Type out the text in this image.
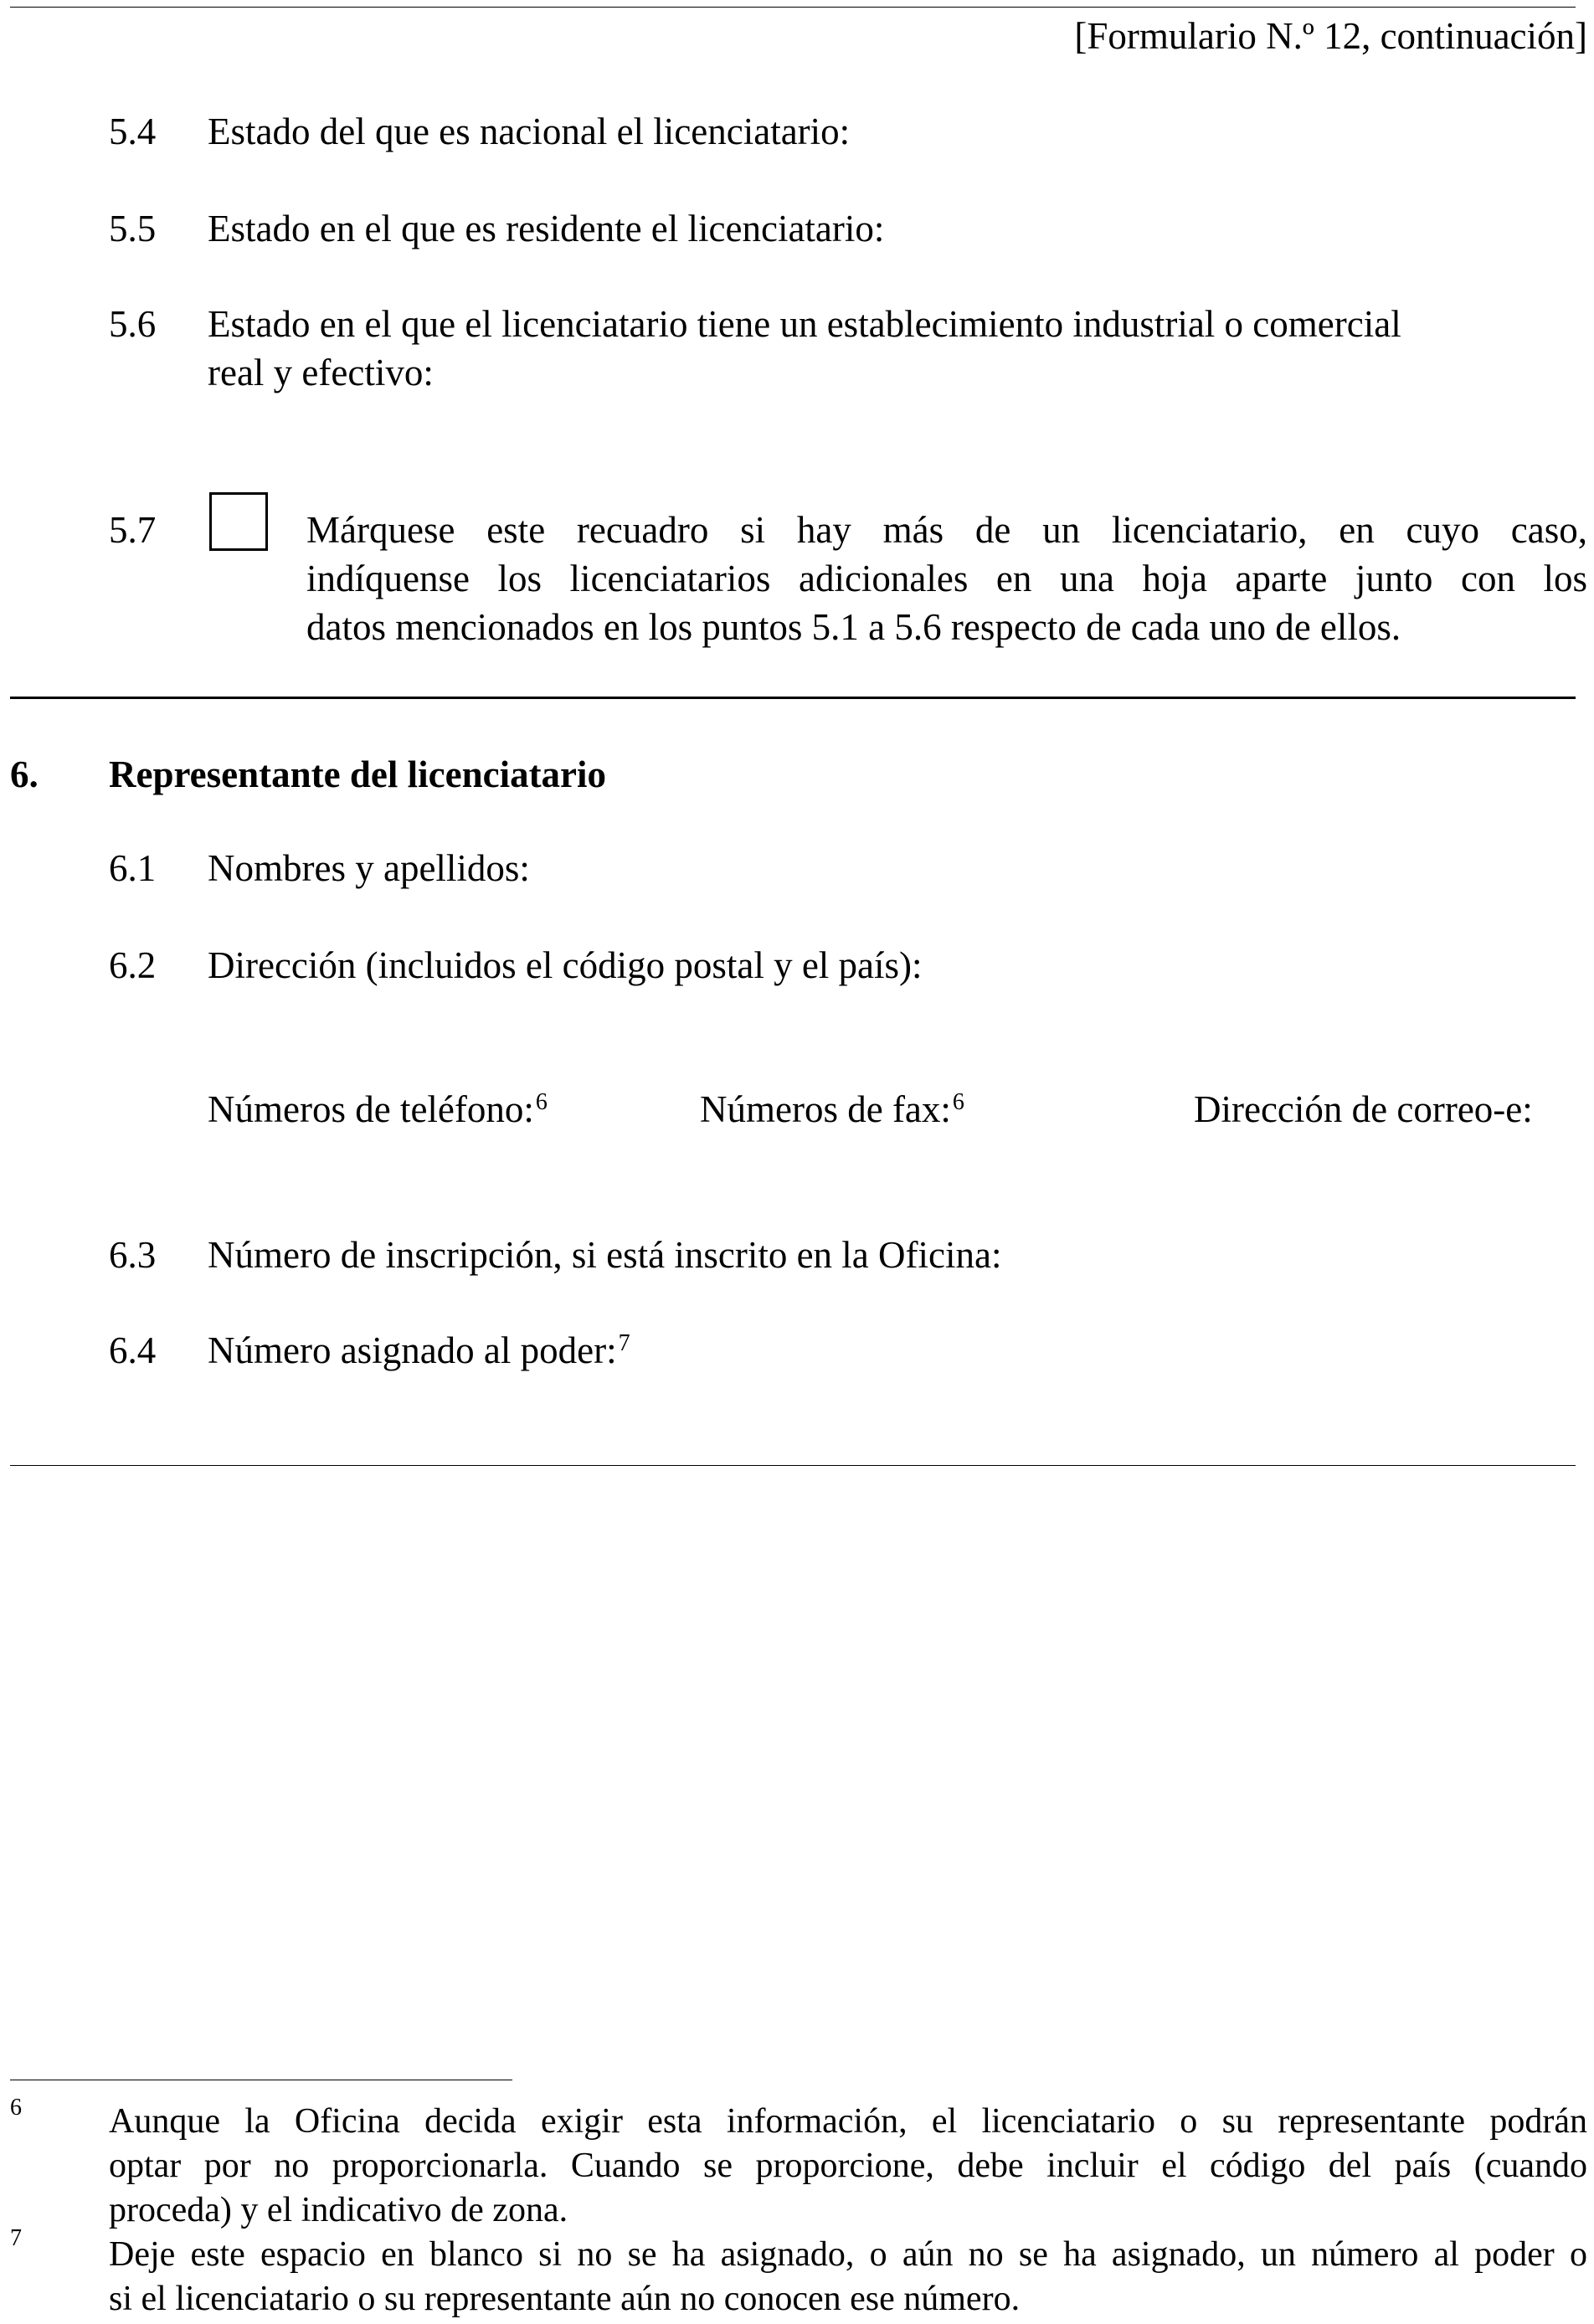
[Formulario N.º 12, continuación]
5.4 Estado del que es nacional el licenciatario:
5.5 Estado en el que es residente el licenciatario:
5.6 Estado en el que el licenciatario tiene un establecimiento industrial o comercial
real y efectivo:
5.7	Márquese este recuadro si hay más de un licenciatario, en cuyo caso,
indíquense los licenciatarios adicionales en una hoja aparte junto con los
datos mencionados en los puntos 5.1 a 5.6 respecto de cada uno de ellos.
6. Representante del licenciatario
6.1 Nombres y apellidos:
6.2 Dirección (incluidos el código postal y el país):
Números de teléfono:$^6$	Números de fax:$^6$	Dirección de correo-e:
6.3 Número de inscripción, si está inscrito en la Oficina:
6.4 Número asignado al poder:$^7$
6 Aunque la Oficina decida exigir esta información, el licenciatario o su representante podrán
optar por no proporcionarla. Cuando se proporcione, debe incluir el código del país (cuando
proceda) y el indicativo de zona.
7 Deje este espacio en blanco si no se ha asignado, o aún no se ha asignado, un número al poder o
si el licenciatario o su representante aún no conocen ese número.
